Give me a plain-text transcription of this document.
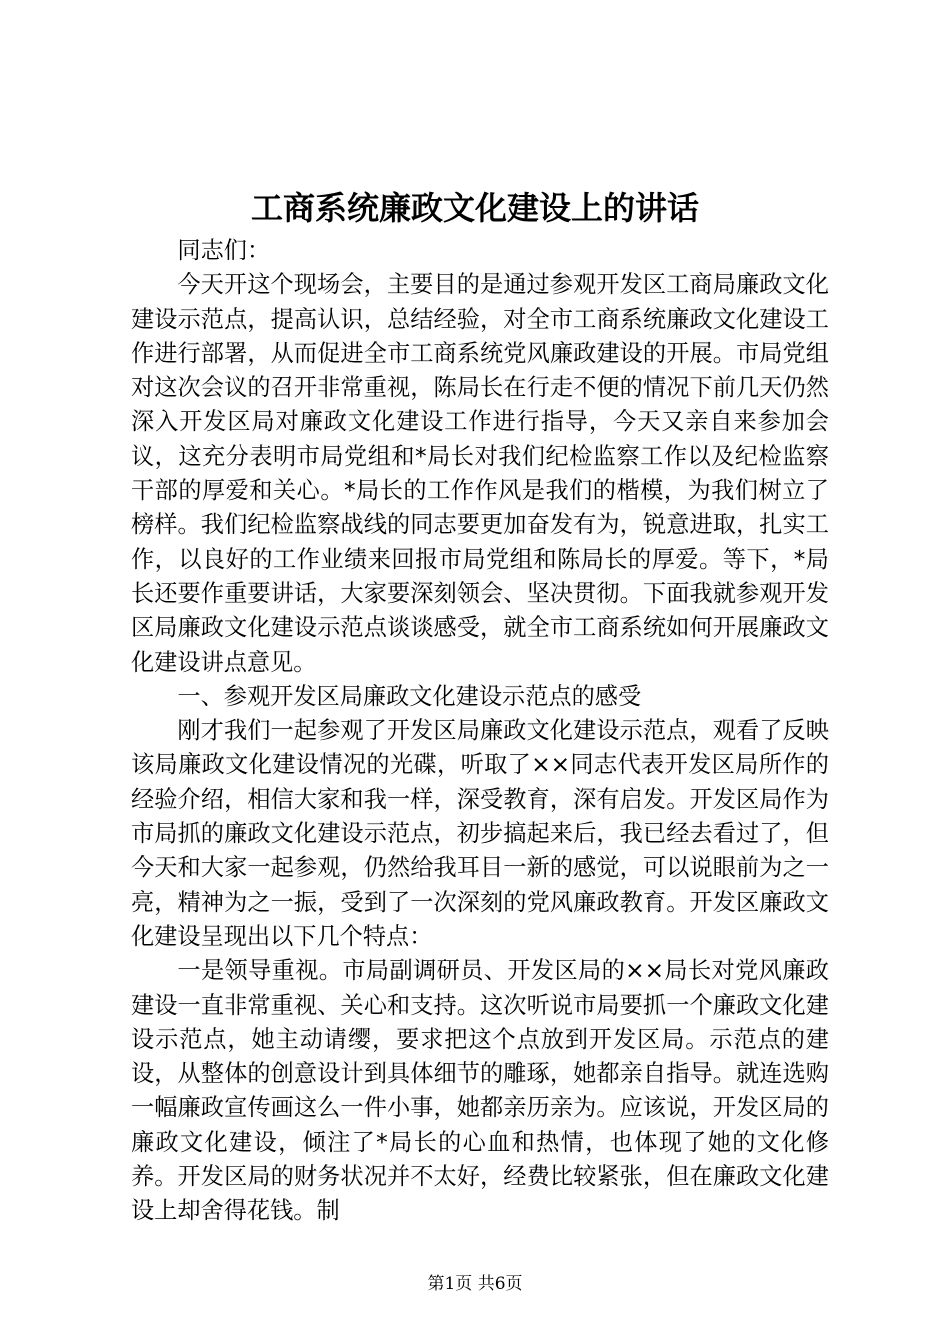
工商系统廉政文化建设上的讲话

同志们：

今天开这个现场会，主要目的是通过参观开发区工商局廉政文化建设示范点，提高认识，总结经验，对全市工商系统廉政文化建设工作进行部署，从而促进全市工商系统党风廉政建设的开展。市局党组对这次会议的召开非常重视，陈局长在行走不便的情况下前几天仍然深入开发区局对廉政文化建设工作进行指导，今天又亲自来参加会议，这充分表明市局党组和*局长对我们纪检监察工作以及纪检监察干部的厚爱和关心。*局长的工作作风是我们的楷模，为我们树立了榜样。我们纪检监察战线的同志要更加奋发有为，锐意进取，扎实工作，以良好的工作业绩来回报市局党组和陈局长的厚爱。等下，*局长还要作重要讲话，大家要深刻领会、坚决贯彻。下面我就参观开发区局廉政文化建设示范点谈谈感受，就全市工商系统如何开展廉政文化建设讲点意见。

一、参观开发区局廉政文化建设示范点的感受

刚才我们一起参观了开发区局廉政文化建设示范点，观看了反映该局廉政文化建设情况的光碟，听取了××同志代表开发区局所作的经验介绍，相信大家和我一样，深受教育，深有启发。开发区局作为市局抓的廉政文化建设示范点，初步搞起来后，我已经去看过了，但今天和大家一起参观，仍然给我耳目一新的感觉，可以说眼前为之一亮，精神为之一振，受到了一次深刻的党风廉政教育。开发区廉政文化建设呈现出以下几个特点：

一是领导重视。市局副调研员、开发区局的××局长对党风廉政建设一直非常重视、关心和支持。这次听说市局要抓一个廉政文化建设示范点，她主动请缨，要求把这个点放到开发区局。示范点的建设，从整体的创意设计到具体细节的雕琢，她都亲自指导。就连选购一幅廉政宣传画这么一件小事，她都亲历亲为。应该说，开发区局的廉政文化建设，倾注了*局长的心血和热情，也体现了她的文化修养。开发区局的财务状况并不太好，经费比较紧张，但在廉政文化建设上却舍得花钱。制

第1页 共6页
